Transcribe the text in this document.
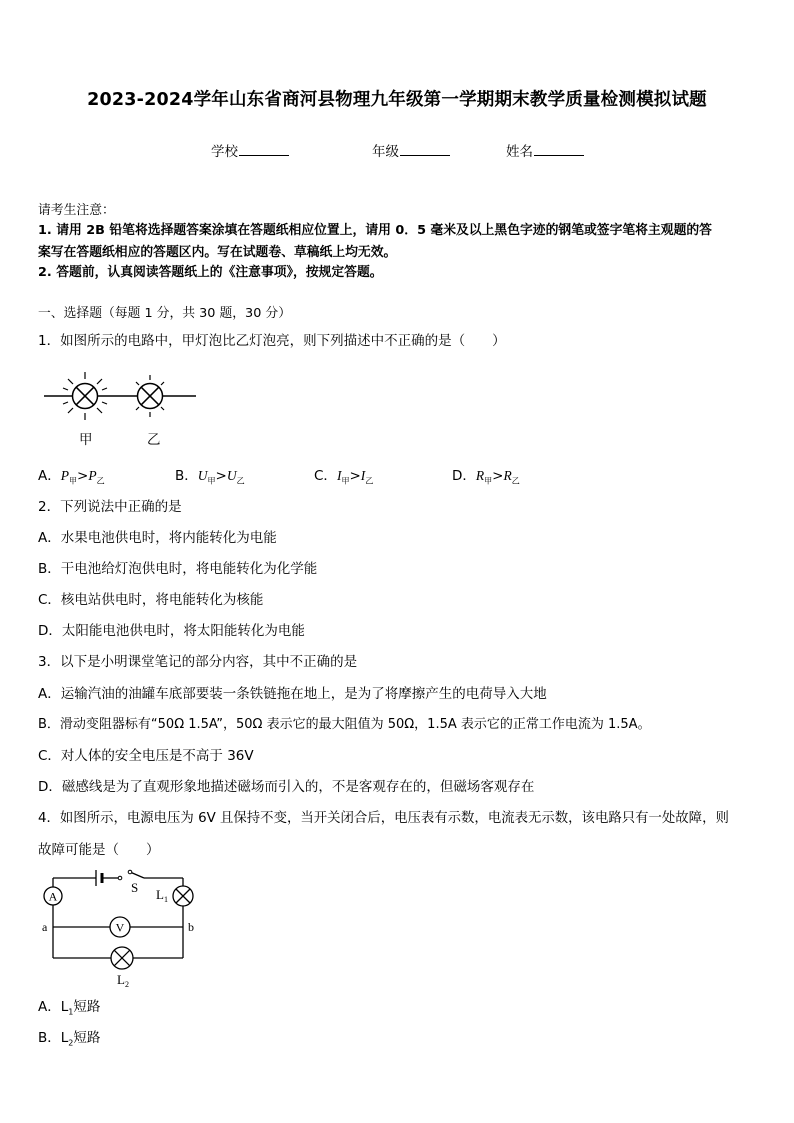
2023-2024学年山东省商河县物理九年级第一学期期末教学质量检测模拟试题
学校	年级	姓名
请考生注意：
1. 请用 2B 铅笔将选择题答案涂填在答题纸相应位置上，请用 0．5 毫米及以上黑色字迹的钢笔或签字笔将主观题的答
案写在答题纸相应的答题区内。写在试题卷、草稿纸上均无效。
2. 答题前，认真阅读答题纸上的《注意事项》，按规定答题。
一、选择题（每题 1 分，共 30 题，30 分）
1．如图所示的电路中，甲灯泡比乙灯泡亮，则下列描述中不正确的是（　　）
甲	乙
A．$P_甲>P_乙$	B．$U_甲>U_乙$	C．$I_甲>I_乙$	D．$R_甲>R_乙$
2．下列说法中正确的是
A．水果电池供电时，将内能转化为电能
B．干电池给灯泡供电时，将电能转化为化学能
C．核电站供电时，将电能转化为核能
D．太阳能电池供电时，将太阳能转化为电能
3．以下是小明课堂笔记的部分内容，其中不正确的是
A．运输汽油的油罐车底部要装一条铁链拖在地上，是为了将摩擦产生的电荷导入大地
B．滑动变阻器标有“50Ω 1.5A”，50Ω 表示它的最大阻值为 50Ω，1.5A 表示它的正常工作电流为 1.5A。
C．对人体的安全电压是不高于 36V
D．磁感线是为了直观形象地描述磁场而引入的，不是客观存在的，但磁场客观存在
4．如图所示，电源电压为 6V 且保持不变，当开关闭合后，电压表有示数，电流表无示数，该电路只有一处故障，则
故障可能是（　　）
A
V
S
a	b
$L_1$
$L_2$
A．$L_1$短路
B．$L_2$短路
